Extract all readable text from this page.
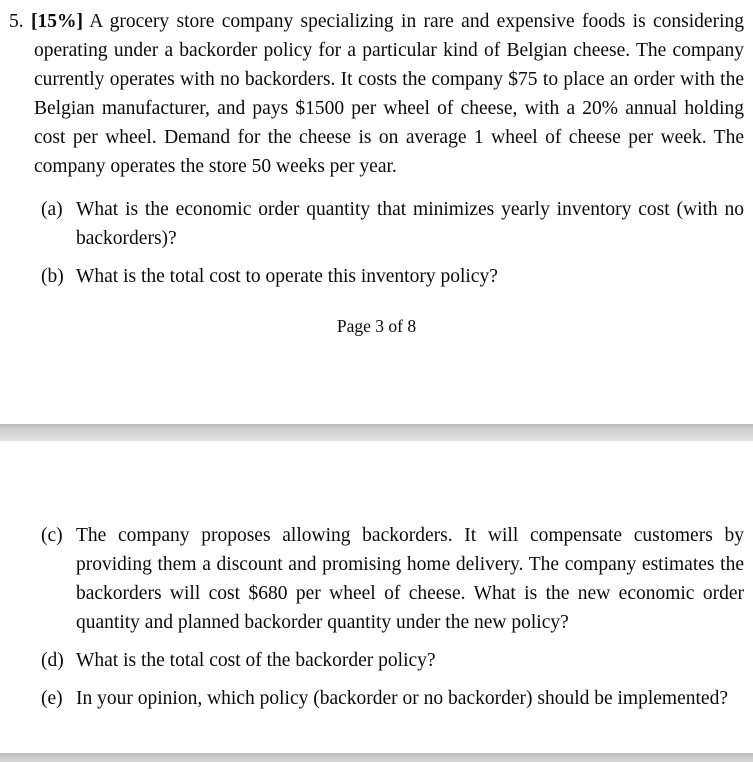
5. [15%] A grocery store company specializing in rare and expensive foods is considering operating under a backorder policy for a particular kind of Belgian cheese. The company currently operates with no backorders. It costs the company $75 to place an order with the Belgian manufacturer, and pays $1500 per wheel of cheese, with a 20% annual holding cost per wheel. Demand for the cheese is on average 1 wheel of cheese per week. The company operates the store 50 weeks per year.
(a) What is the economic order quantity that minimizes yearly inventory cost (with no backorders)?
(b) What is the total cost to operate this inventory policy?
Page 3 of 8
(c) The company proposes allowing backorders. It will compensate customers by providing them a discount and promising home delivery. The company estimates the backorders will cost $680 per wheel of cheese. What is the new economic order quantity and planned backorder quantity under the new policy?
(d) What is the total cost of the backorder policy?
(e) In your opinion, which policy (backorder or no backorder) should be implemented?
